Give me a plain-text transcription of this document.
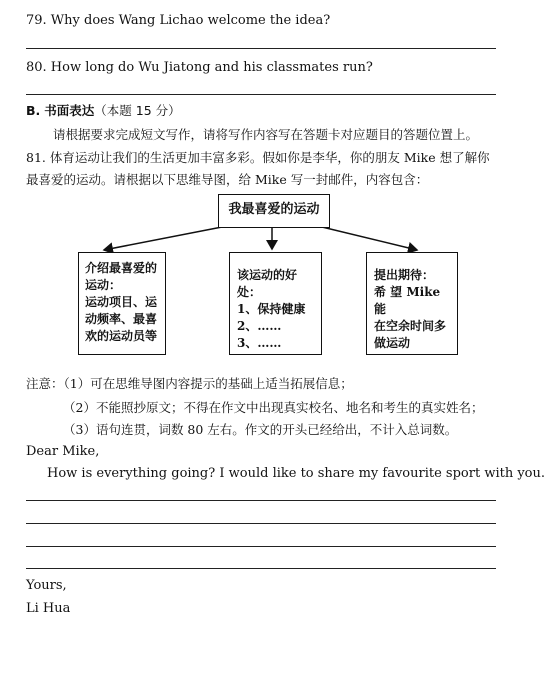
79. Why does Wang Lichao welcome the idea?
80. How long do Wu Jiatong and his classmates run?
B. 书面表达（本题 15 分）
请根据要求完成短文写作，请将写作内容写在答题卡对应题目的答题位置上。
81. 体育运动让我们的生活更加丰富多彩。假如你是李华，你的朋友 Mike 想了解你
最喜爱的运动。请根据以下思维导图，给 Mike 写一封邮件，内容包含：
我最喜爱的运动
介绍最喜爱的
运动：
运动项目、运
动频率、最喜
欢的运动员等
该运动的好处：
1、保持健康
2、……
3、……
提出期待：
希 望 Mike 能
在空余时间多
做运动
注意：（1）可在思维导图内容提示的基础上适当拓展信息；
（2）不能照抄原文；不得在作文中出现真实校名、地名和考生的真实姓名；
（3）语句连贯，词数 80 左右。作文的开头已经给出，不计入总词数。
Dear Mike,
How is everything going? I would like to share my favourite sport with you.
Yours,
Li Hua
